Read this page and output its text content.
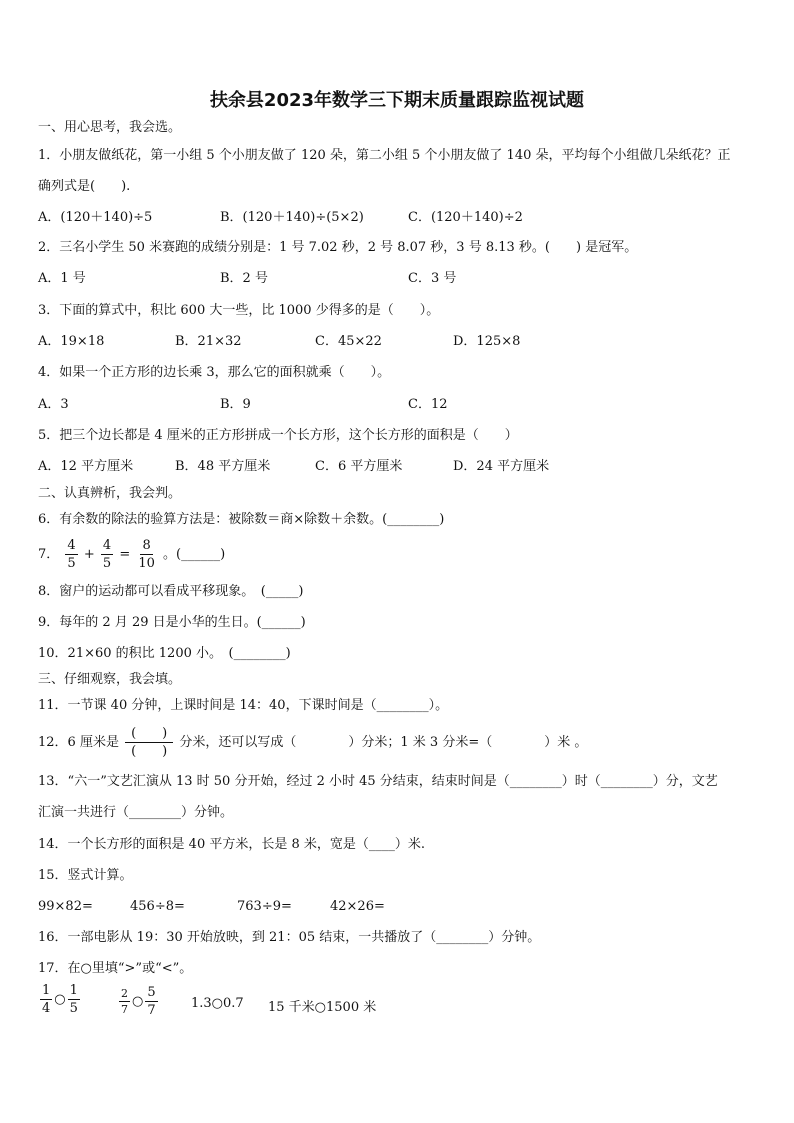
扶余县2023年数学三下期末质量跟踪监视试题
一、用心思考，我会选。
1．小朋友做纸花，第一小组 5 个小朋友做了 120 朵，第二小组 5 个小朋友做了 140 朵，平均每个小组做几朵纸花？正
确列式是(　　).
A．(120＋140)÷5	B．(120＋140)÷(5×2)	C．(120＋140)÷2
2．三名小学生 50 米赛跑的成绩分别是：1 号 7.02 秒，2 号 8.07 秒，3 号 8.13 秒。(　　) 是冠军。
A．1 号	B．2 号	C．3 号
3．下面的算式中，积比 600 大一些，比 1000 少得多的是（　　）。
A．19×18	B．21×32	C．45×22	D．125×8
4．如果一个正方形的边长乘 3，那么它的面积就乘（　　）。
A．3	B．9	C．12
5．把三个边长都是 4 厘米的正方形拼成一个长方形，这个长方形的面积是（　　）
A．12 平方厘米	B．48 平方厘米	C．6 平方厘米	D．24 平方厘米
二、认真辨析，我会判。
6．有余数的除法的验算方法是：被除数＝商×除数＋余数。(________)
7． $\frac{4}{5} + \frac{4}{5} = \frac{8}{10}$ 。(______)
8．窗户的运动都可以看成平移现象。　(_____)
9．每年的 2 月 29 日是小华的生日。(______)
10．21×60 的积比 1200 小。　(________)
三、仔细观察，我会填。
11．一节课 40 分钟，上课时间是 14：40，下课时间是（________）。
12．6 厘米是 $\frac{( )}{( )}$ 分米，还可以写成（　　　　）分米；1 米 3 分米=（　　　　）米 。
13．“六一”文艺汇演从 13 时 50 分开始，经过 2 小时 45 分结束，结束时间是（________）时（________）分，文艺
汇演一共进行（________）分钟。
14．一个长方形的面积是 40 平方米，长是 8 米，宽是（____）米.
15．竖式计算。
99×82=	456÷8=	763÷9=	42×26=
16．一部电影从 19：30 开始放映，到 21：05 结束，一共播放了（________）分钟。
17．在○里填“>”或“<”。
$\frac{1}{4}$ ○ $\frac{1}{5}$	$\frac{2}{7}$ ○ $\frac{5}{7}$	1.3○0.7 15 千米○1500 米
